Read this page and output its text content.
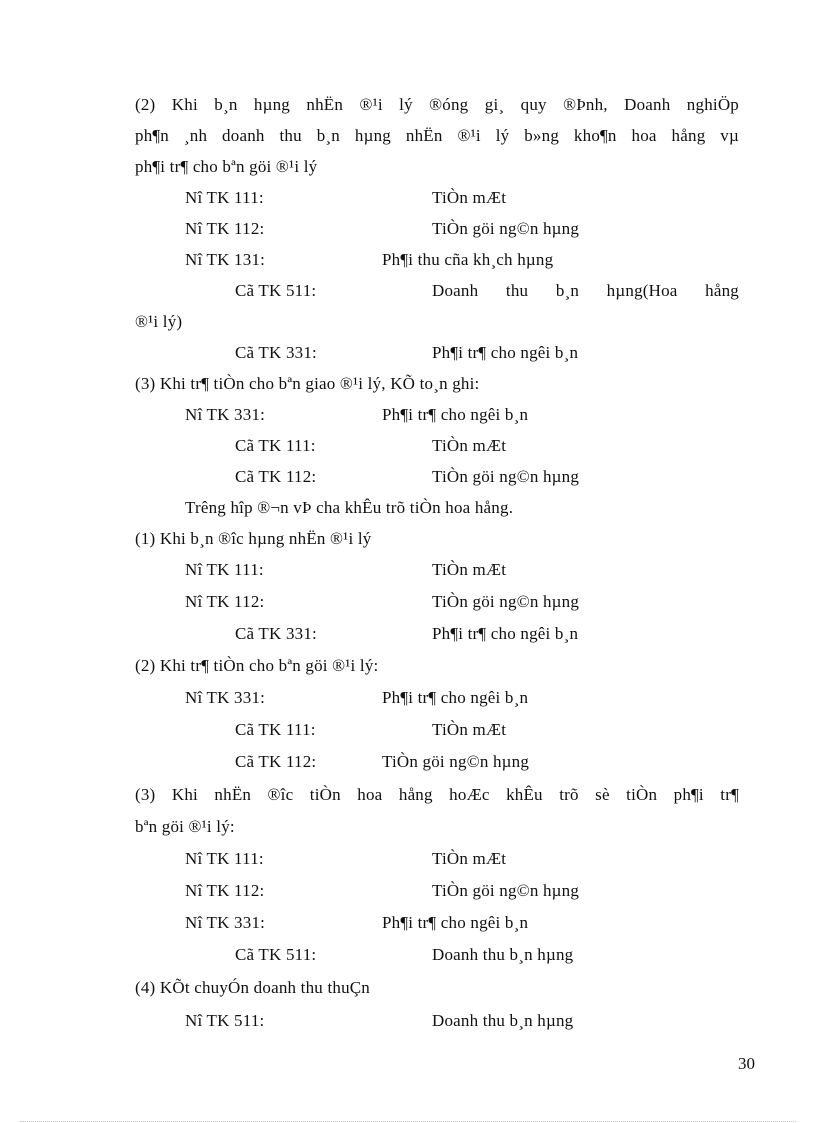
(2) Khi b¸n hµng nhËn ®¹i lý ®óng gi¸ quy ®Þnh, Doanh nghiÖp
ph¶n ¸nh doanh thu b¸n hµng nhËn ®¹i lý b»ng kho¶n hoa hång vµ
ph¶i tr¶ cho bªn göi ®¹i lý
Nî TK 111:	TiÒn mÆt
Nî TK 112:	TiÒn göi ng©n hµng
Nî TK 131:	Ph¶i thu cña kh¸ch hµng
Cã TK 511:	Doanh thu b¸n hµng(Hoa hång
®¹i lý)
Cã TK 331:	Ph¶i tr¶ cho ngêi b¸n
(3) Khi tr¶ tiÒn cho bªn giao ®¹i lý, KÕ to¸n ghi:
Nî TK 331:	Ph¶i tr¶ cho ngêi b¸n
Cã TK 111:	TiÒn mÆt
Cã TK 112:	TiÒn göi ng©n hµng
Trêng hîp ®¬n vÞ cha khÊu trõ tiÒn hoa hång.
(1) Khi b¸n ®îc hµng nhËn ®¹i lý
Nî TK 111:	TiÒn mÆt
Nî TK 112:	TiÒn göi ng©n hµng
Cã TK 331:	Ph¶i tr¶ cho ngêi b¸n
(2) Khi tr¶ tiÒn cho bªn göi ®¹i lý:
Nî TK 331:	Ph¶i tr¶ cho ngêi b¸n
Cã TK 111:	TiÒn mÆt
Cã TK 112:	TiÒn göi ng©n hµng
(3) Khi nhËn ®îc tiÒn hoa hång hoÆc khÊu trõ sè tiÒn ph¶i tr¶
bªn göi ®¹i lý:
Nî TK 111:	TiÒn mÆt
Nî TK 112:	TiÒn göi ng©n hµng
Nî TK 331:	Ph¶i tr¶ cho ngêi b¸n
Cã TK 511:	Doanh thu b¸n hµng
(4) KÕt chuyÓn doanh thu thuÇn
Nî TK 511:	Doanh thu b¸n hµng
30
